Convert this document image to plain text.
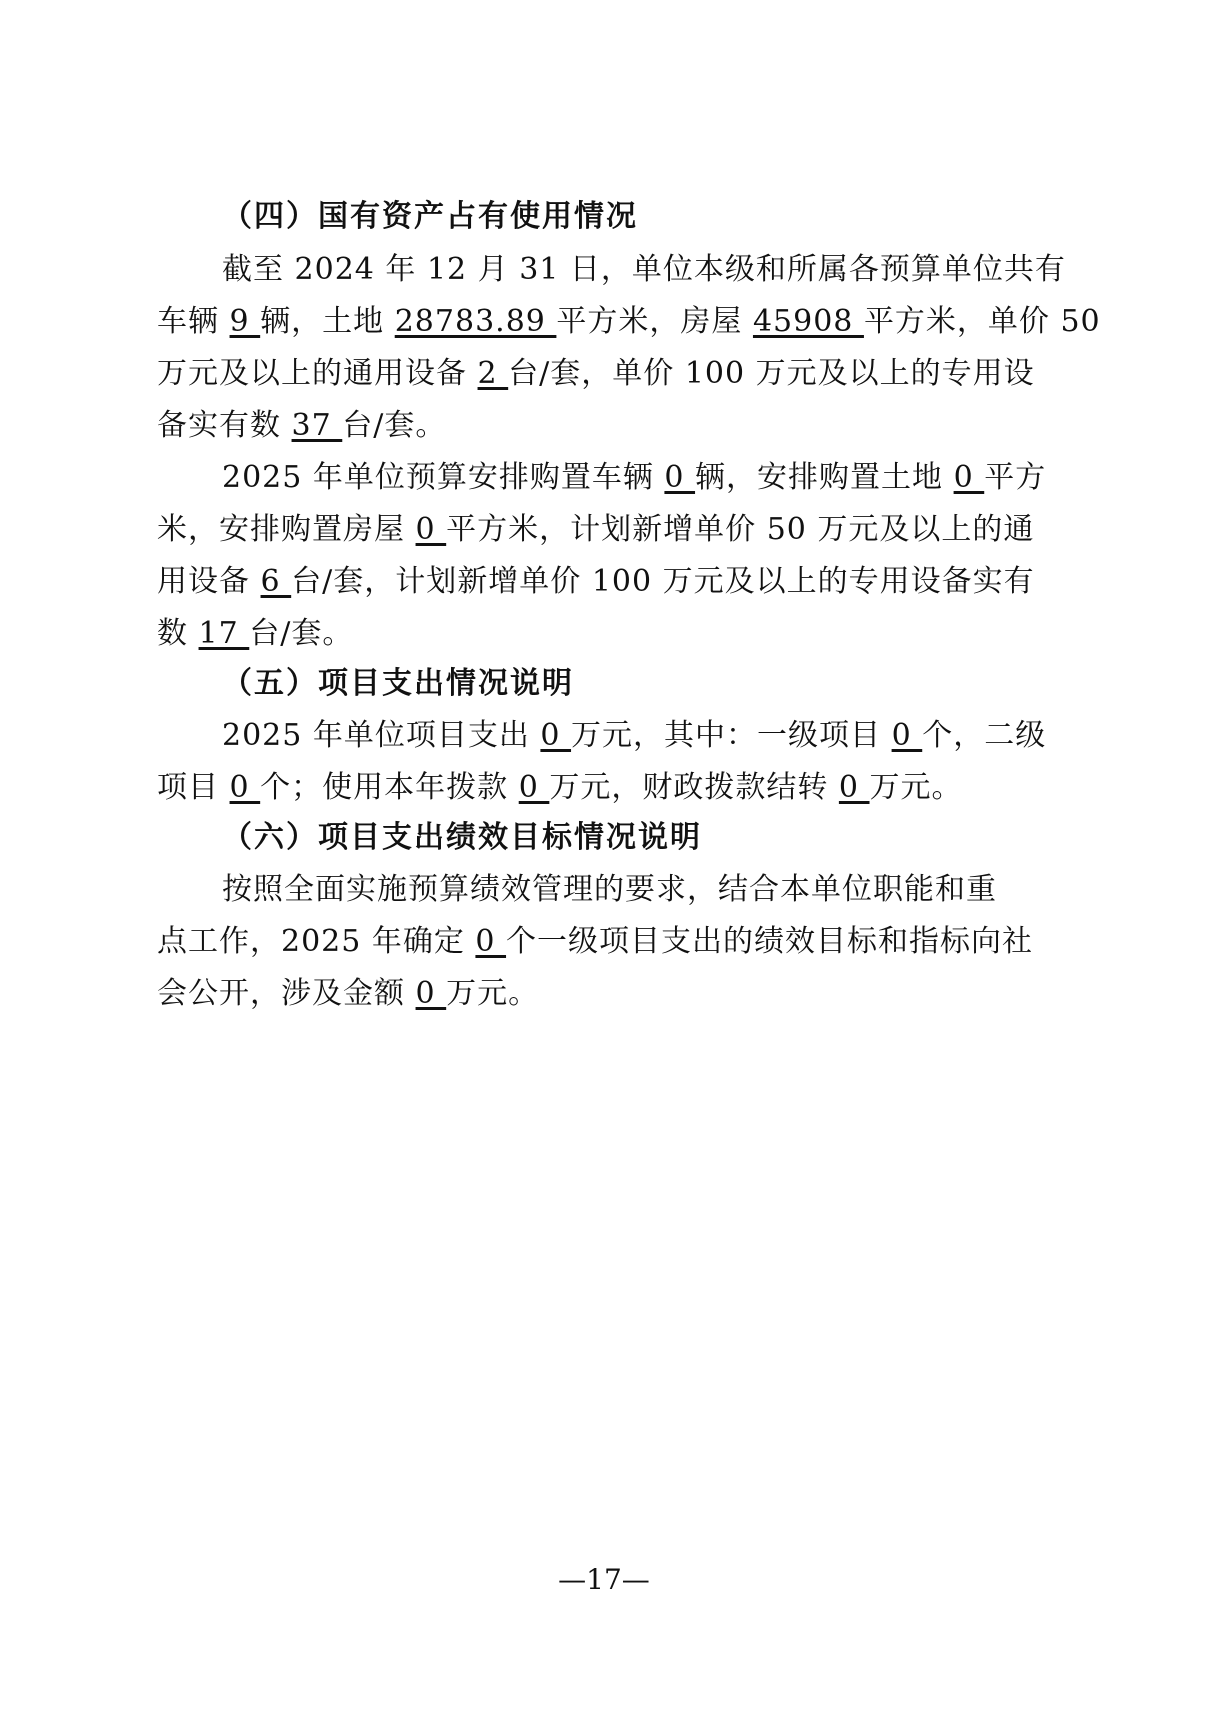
（四）国有资产占有使用情况
截至 2024 年 12 月 31 日，单位本级和所属各预算单位共有
车辆 9 辆，土地 28783.89 平方米，房屋 45908 平方米，单价 50
万元及以上的通用设备 2 台/套，单价 100 万元及以上的专用设
备实有数 37 台/套。
2025 年单位预算安排购置车辆 0 辆，安排购置土地 0 平方
米，安排购置房屋 0 平方米，计划新增单价 50 万元及以上的通
用设备 6 台/套，计划新增单价 100 万元及以上的专用设备实有
数 17 台/套。
（五）项目支出情况说明
2025 年单位项目支出 0 万元，其中：一级项目 0 个，二级
项目 0 个；使用本年拨款 0 万元，财政拨款结转 0 万元。
（六）项目支出绩效目标情况说明
按照全面实施预算绩效管理的要求，结合本单位职能和重
点工作，2025 年确定 0 个一级项目支出的绩效目标和指标向社
会公开，涉及金额 0 万元。
—17—
